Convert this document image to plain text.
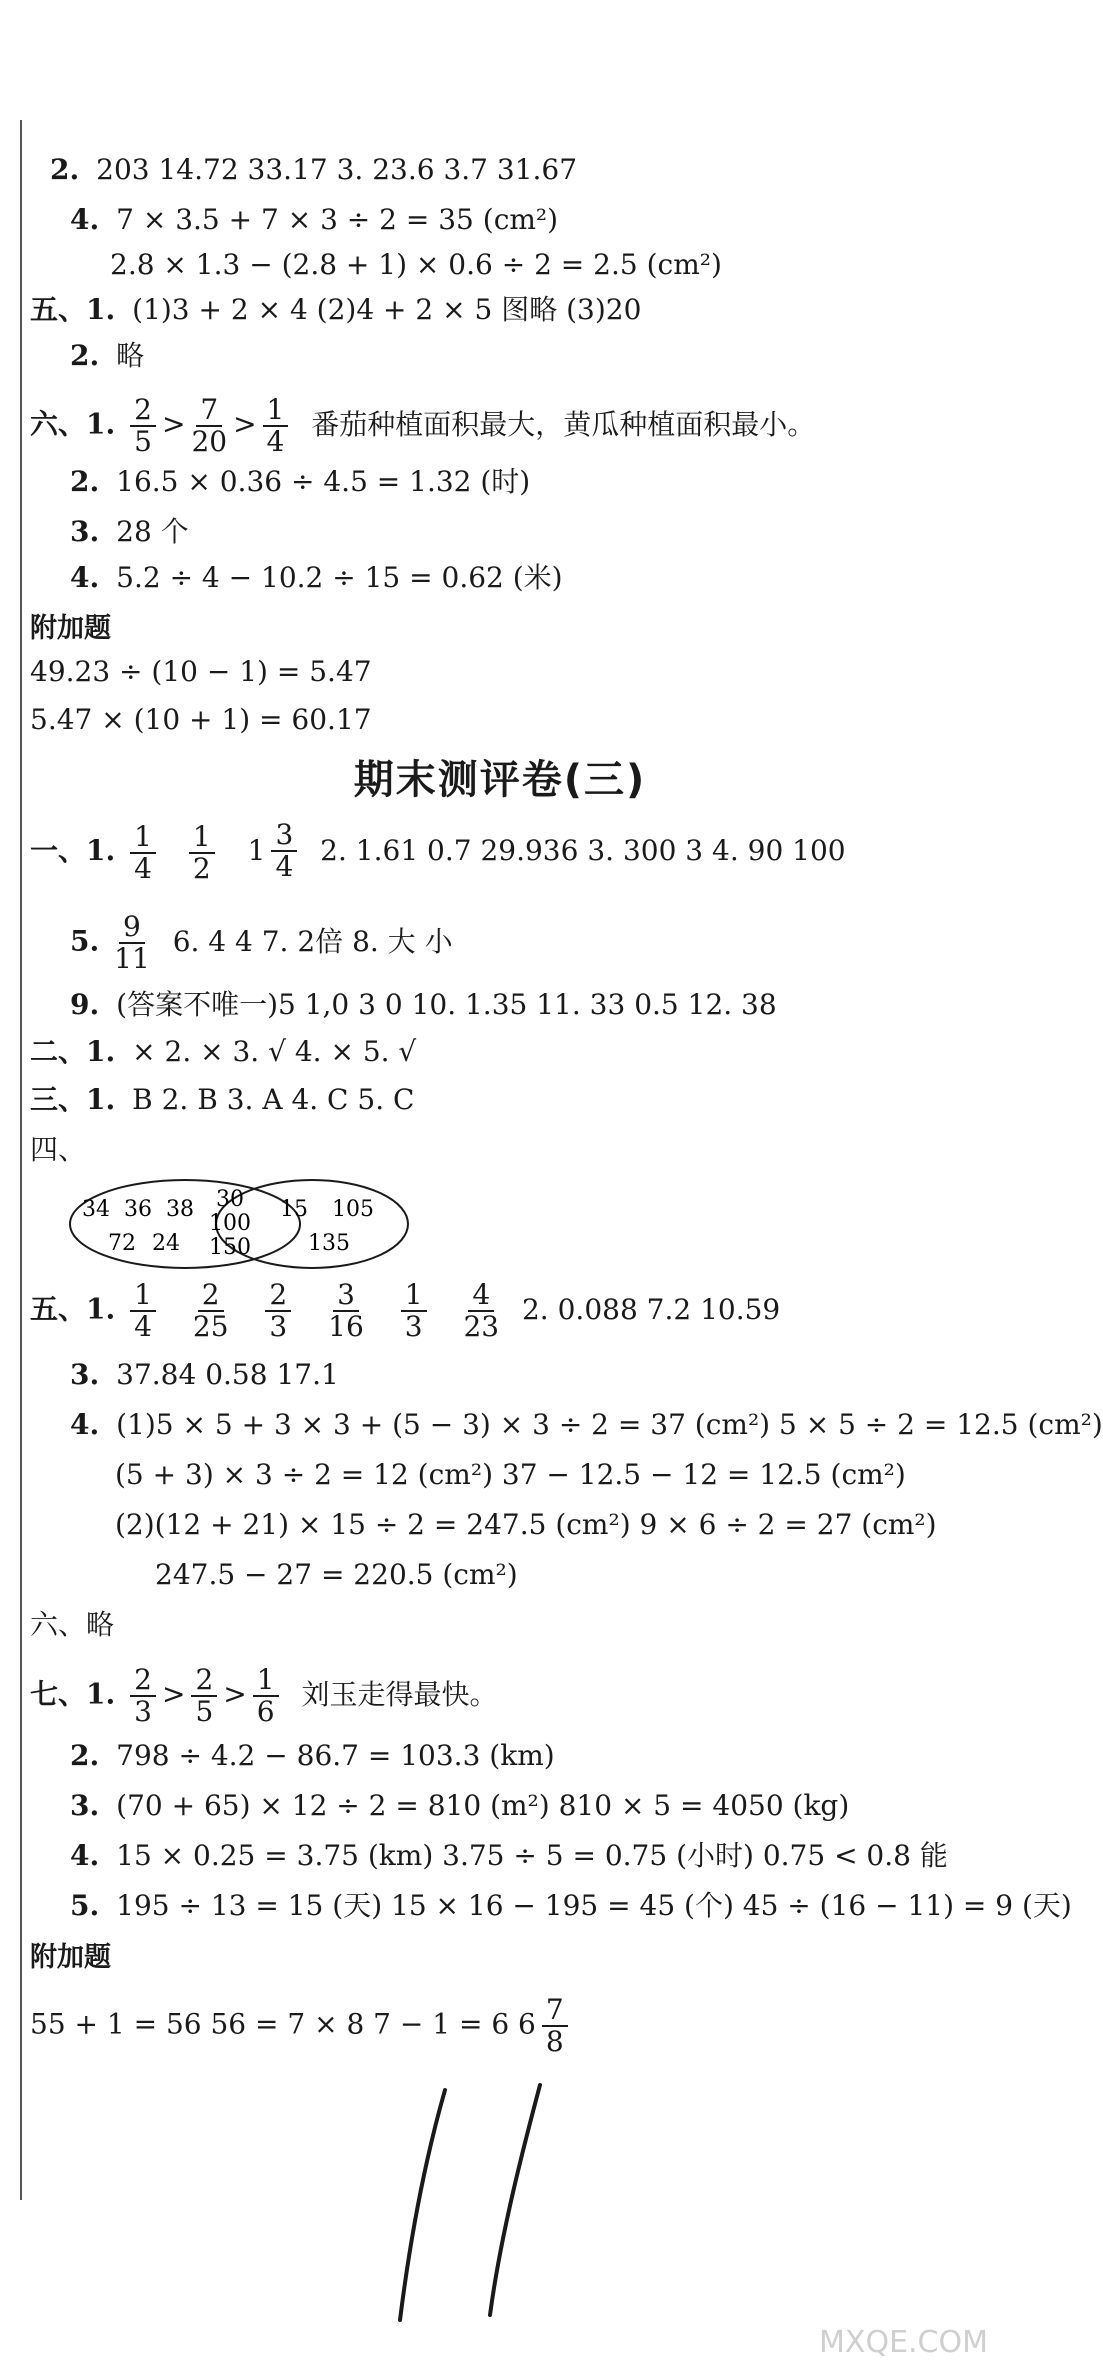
2. 203 14.72 33.17 3. 23.6 3.7 31.67
4. 7 × 3.5 + 7 × 3 ÷ 2 = 35 (cm²)
2.8 × 1.3 − (2.8 + 1) × 0.6 ÷ 2 = 2.5 (cm²)
五、1. (1)3 + 2 × 4 (2)4 + 2 × 5 图略 (3)20
2. 略
六、1. $\frac{2}{5} > \frac{7}{20} > \frac{1}{4}$ 番茄种植面积最大，黄瓜种植面积最小。
2. 16.5 × 0.36 ÷ 4.5 = 1.32 (时)
3. 28 个
4. 5.2 ÷ 4 − 10.2 ÷ 15 = 0.62 (米)
附加题
49.23 ÷ (10 − 1) = 5.47
5.47 × (10 + 1) = 60.17
期末测评卷(三)
一、1. $\frac{1}{4}$
$\frac{1}{2}$
$1 \frac{3}{4} 2$. 1.61 0.7 29.936 3. 300 3 4. 90 100
5. $\frac{9}{11} 6$. 4 4 7. 2倍 8. 大 小
9. (答案不唯一)5 1,0 3 0 10. 1.35 11. 33 0.5 12. 38
二、1. × 2. × 3. √ 4. × 5. √
三、1. B 2. B 3. A 4. C 5. C
四、
34 36 38
72 24
30
100
150
15 105
135
五、1. $\frac{1}{4}$
$\frac{2}{25}$
$\frac{2}{3}$
$\frac{3}{16}$
$\frac{1}{3}$
$\frac{4}{23} 2$. 0.088 7.2 10.59
3. 37.84 0.58 17.1
4. (1)5 × 5 + 3 × 3 + (5 − 3) × 3 ÷ 2 = 37 (cm²) 5 × 5 ÷ 2 = 12.5 (cm²)
(5 + 3) × 3 ÷ 2 = 12 (cm²) 37 − 12.5 − 12 = 12.5 (cm²)
(2)(12 + 21) × 15 ÷ 2 = 247.5 (cm²) 9 × 6 ÷ 2 = 27 (cm²)
247.5 − 27 = 220.5 (cm²)
六、略
七、1. $\frac{2}{3} > \frac{2}{5} > \frac{1}{6}$ 刘玉走得最快。
2. 798 ÷ 4.2 − 86.7 = 103.3 (km)
3. (70 + 65) × 12 ÷ 2 = 810 (m²) 810 × 5 = 4050 (kg)
4. 15 × 0.25 = 3.75 (km) 3.75 ÷ 5 = 0.75 (小时) 0.75 < 0.8 能
5. 195 ÷ 13 = 15 (天) 15 × 16 − 195 = 45 (个) 45 ÷ (16 − 11) = 9 (天)
附加题
55 + 1 = 56 56 = 7 × 8 7 − 1 = 6 $6 \frac{7}{8}$
MXQE.COM
